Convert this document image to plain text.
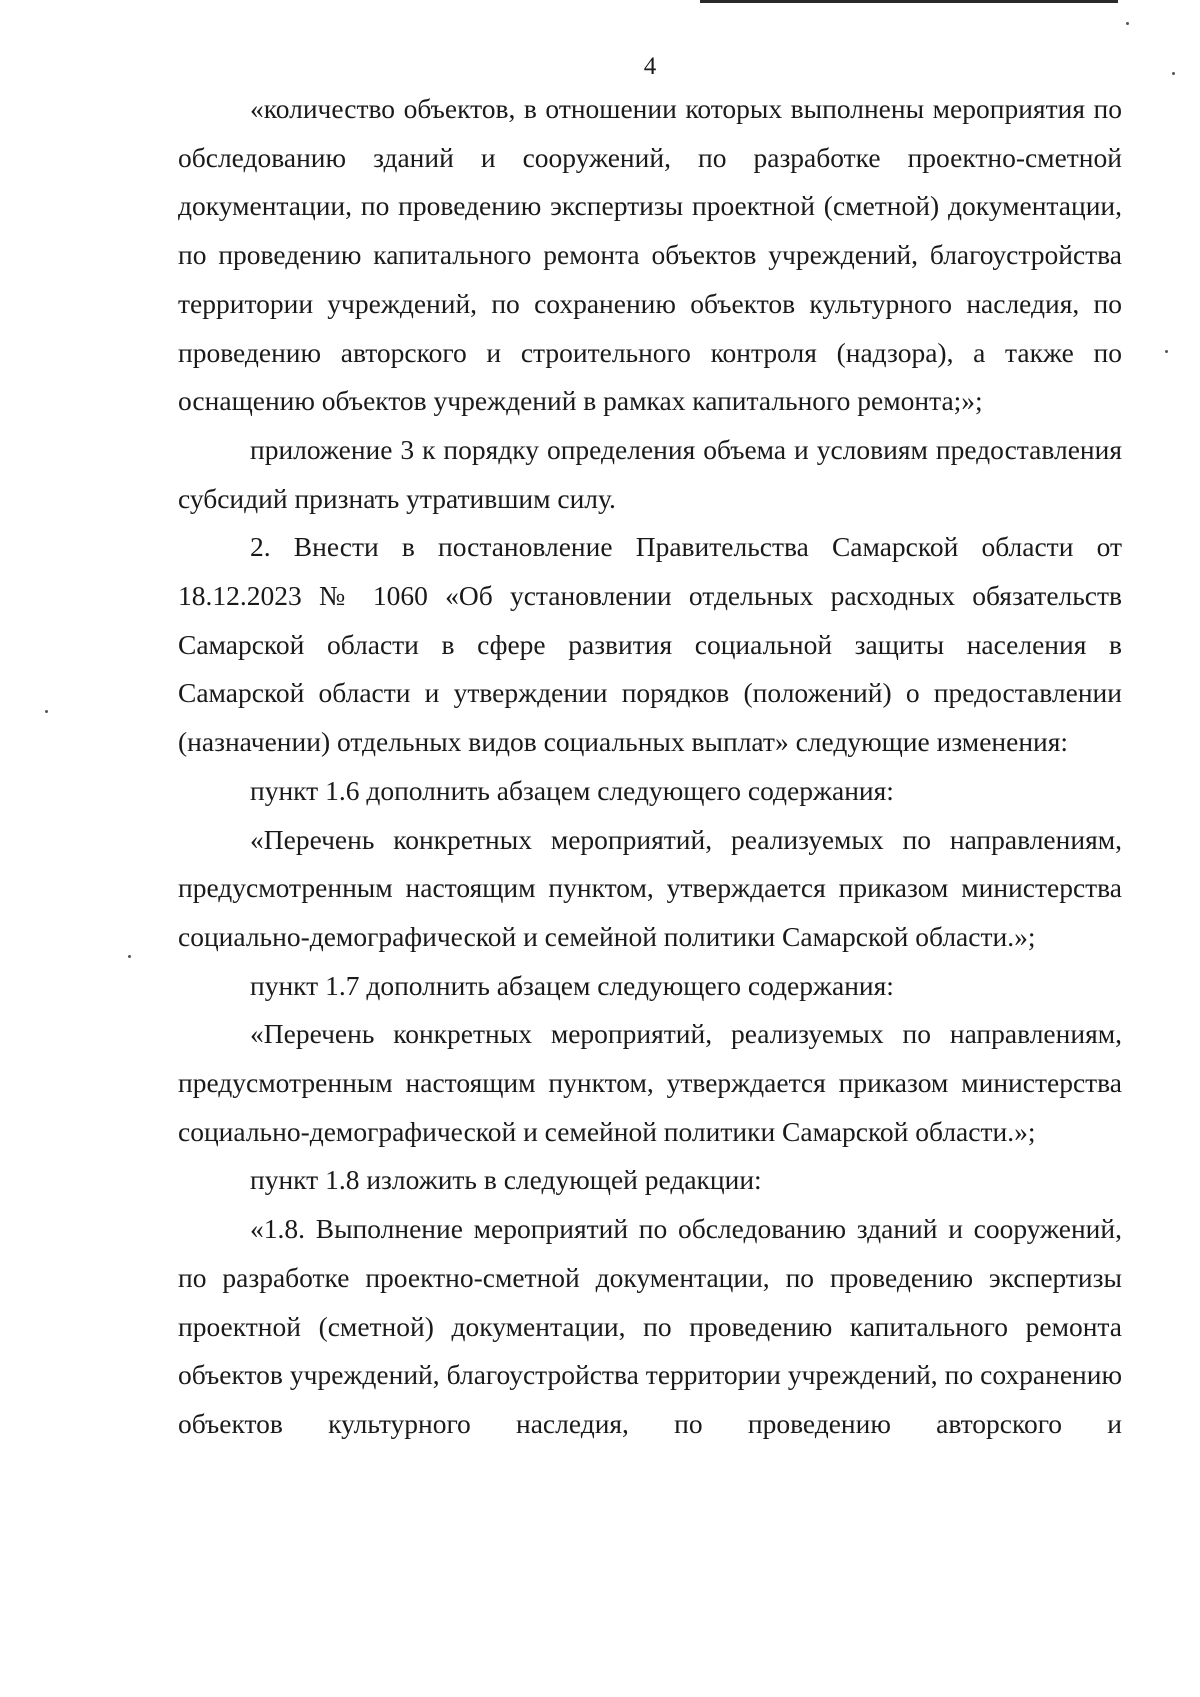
4

«количество объектов, в отношении которых выполнены мероприятия по обследованию зданий и сооружений, по разработке проектно-сметной документации, по проведению экспертизы проектной (сметной) документации, по проведению капитального ремонта объектов учреждений, благоустройства территории учреждений, по сохранению объектов культурного наследия, по проведению авторского и строительного контроля (надзора), а также по оснащению объектов учреждений в рамках капитального ремонта;»;

приложение 3 к порядку определения объема и условиям предоставления субсидий признать утратившим силу.

2. Внести в постановление Правительства Самарской области от 18.12.2023 № 1060 «Об установлении отдельных расходных обязательств Самарской области в сфере развития социальной защиты населения в Самарской области и утверждении порядков (положений) о предоставлении (назначении) отдельных видов социальных выплат» следующие изменения:

пункт 1.6 дополнить абзацем следующего содержания:

«Перечень конкретных мероприятий, реализуемых по направлениям, предусмотренным настоящим пунктом, утверждается приказом министерства социально-демографической и семейной политики Самарской области.»;

пункт 1.7 дополнить абзацем следующего содержания:

«Перечень конкретных мероприятий, реализуемых по направлениям, предусмотренным настоящим пунктом, утверждается приказом министерства социально-демографической и семейной политики Самарской области.»;

пункт 1.8 изложить в следующей редакции:

«1.8. Выполнение мероприятий по обследованию зданий и сооружений, по разработке проектно-сметной документации, по проведению экспертизы проектной (сметной) документации, по проведению капитального ремонта объектов учреждений, благоустройства территории учреждений, по сохранению объектов культурного наследия, по проведению авторского и
